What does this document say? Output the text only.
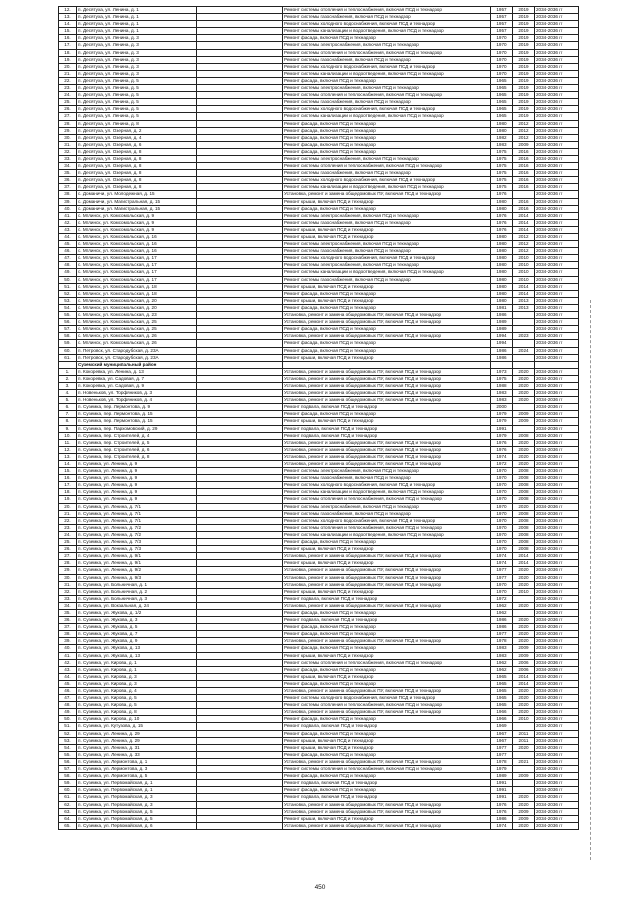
12.	п. Десятуха, ул. Ленина, д. 1		Ремонт системы отопления и теплоснабжения, включая ПСД и технадзор	1957	2019	2034-2036 гг
13.	п. Десятуха, ул. Ленина, д. 1		Ремонт системы газоснабжения, включая ПСД и технадзор	1957	2019	2034-2036 гг
14.	п. Десятуха, ул. Ленина, д. 1		Ремонт системы холодного водоснабжения, включая ПСД и технадзор	1957	2019	2034-2036 гг
15.	п. Десятуха, ул. Ленина, д. 1		Ремонт системы канализации и водоотведения, включая ПСД и технадзор	1957	2019	2034-2036 гг
16.	п. Десятуха, ул. Ленина, д. 3		Ремонт фасада, включая ПСД и технадзор	1970	2019	2034-2036 гг
17.	п. Десятуха, ул. Ленина, д. 3		Ремонт системы электроснабжения, включая ПСД и технадзор	1970	2019	2034-2036 гг
18.	п. Десятуха, ул. Ленина, д. 3		Ремонт системы отопления и теплоснабжения, включая ПСД и технадзор	1970	2019	2034-2036 гг
19.	п. Десятуха, ул. Ленина, д. 3		Ремонт системы газоснабжения, включая ПСД и технадзор	1970	2019	2034-2036 гг
20.	п. Десятуха, ул. Ленина, д. 3		Ремонт системы холодного водоснабжения, включая ПСД и технадзор	1970	2019	2034-2036 гг
21.	п. Десятуха, ул. Ленина, д. 3		Ремонт системы канализации и водоотведения, включая ПСД и технадзор	1970	2019	2034-2036 гг
22.	п. Десятуха, ул. Ленина, д. 5		Ремонт фасада, включая ПСД и технадзор	1965	2019	2034-2036 гг
23.	п. Десятуха, ул. Ленина, д. 5		Ремонт системы электроснабжения, включая ПСД и технадзор	1965	2019	2034-2036 гг
24.	п. Десятуха, ул. Ленина, д. 5		Ремонт системы отопления и теплоснабжения, включая ПСД и технадзор	1965	2019	2034-2036 гг
25.	п. Десятуха, ул. Ленина, д. 5		Ремонт системы газоснабжения, включая ПСД и технадзор	1965	2019	2034-2036 гг
26.	п. Десятуха, ул. Ленина, д. 5		Ремонт системы холодного водоснабжения, включая ПСД и технадзор	1965	2019	2034-2036 гг
27.	п. Десятуха, ул. Ленина, д. 5		Ремонт системы канализации и водоотведения, включая ПСД и технадзор	1965	2019	2034-2036 гг
28.	п. Десятуха, ул. Ленина, д. 8		Ремонт фасада, включая ПСД и технадзор	1980	2012	2034-2036 гг
29.	п. Десятуха, ул. Озерная, д. 2		Ремонт фасада, включая ПСД и технадзор	1980	2012	2034-2036 гг
30.	п. Десятуха, ул. Озерная, д. 4		Ремонт фасада, включая ПСД и технадзор	1982	2012	2034-2036 гг
31.	п. Десятуха, ул. Озерная, д. 6		Ремонт фасада, включая ПСД и технадзор	1983	2009	2034-2036 гг
32.	п. Десятуха, ул. Озерная, д. 8		Ремонт фасада, включая ПСД и технадзор	1975	2016	2034-2036 гг
33.	п. Десятуха, ул. Озерная, д. 8		Ремонт системы электроснабжения, включая ПСД и технадзор	1975	2016	2034-2036 гг
34.	п. Десятуха, ул. Озерная, д. 8		Ремонт системы отопления и теплоснабжения, включая ПСД и технадзор	1975	2016	2034-2036 гг
35.	п. Десятуха, ул. Озерная, д. 8		Ремонт системы газоснабжения, включая ПСД и технадзор	1975	2016	2034-2036 гг
36.	п. Десятуха, ул. Озерная, д. 8		Ремонт системы холодного водоснабжения, включая ПСД и технадзор	1975	2016	2034-2036 гг
37.	п. Десятуха, ул. Озерная, д. 8		Ремонт системы канализации и водоотведения, включая ПСД и технадзор	1975	2016	2034-2036 гг
38.	с. Доманичи, ул. Молодежная, д. 15		Установка, ремонт и замена общедомовых ПУ, включая ПСД и технадзор	1976		2034-2036 гг
39.	с. Доманичи, ул. Магистральная, д. 15		Ремонт крыши, включая ПСД и технадзор	1980	2016	2034-2036 гг
40.	с. Доманичи, ул. Магистральная, д. 15		Ремонт фасада, включая ПСД и технадзор	1980	2016	2034-2036 гг
41.	с. Мглинск, ул. Комсомольская, д. 9		Ремонт системы электроснабжения, включая ПСД и технадзор	1976	2014	2034-2036 гг
42.	с. Мглинск, ул. Комсомольская, д. 9		Ремонт системы газоснабжения, включая ПСД и технадзор	1976	2014	2034-2036 гг
43.	с. Мглинск, ул. Комсомольская, д. 9		Ремонт крыши, включая ПСД и технадзор	1976	2014	2034-2036 гг
44.	с. Мглинск, ул. Комсомольская, д. 16		Ремонт крыши, включая ПСД и технадзор	1980	2012	2034-2036 гг
45.	с. Мглинск, ул. Комсомольская, д. 16		Ремонт системы электроснабжения, включая ПСД и технадзор	1980	2012	2034-2036 гг
46.	с. Мглинск, ул. Комсомольская, д. 16		Ремонт системы газоснабжения, включая ПСД и технадзор	1980	2012	2034-2036 гг
47.	с. Мглинск, ул. Комсомольская, д. 17		Ремонт системы холодного водоснабжения, включая ПСД и технадзор	1980	2010	2034-2036 гг
48.	с. Мглинск, ул. Комсомольская, д. 17		Ремонт системы электроснабжения, включая ПСД и технадзор	1980	2010	2034-2036 гг
49.	с. Мглинск, ул. Комсомольская, д. 17		Ремонт системы канализации и водоотведения, включая ПСД и технадзор	1980	2010	2034-2036 гг
50.	с. Мглинск, ул. Комсомольская, д. 17		Ремонт системы газоснабжения, включая ПСД и технадзор	1980	2010	2034-2036 гг
51.	с. Мглинск, ул. Комсомольская, д. 18		Ремонт крыши, включая ПСД и технадзор	1980	2014	2034-2036 гг
52.	с. Мглинск, ул. Комсомольская, д. 18		Ремонт фасада, включая ПСД и технадзор	1980	2014	2034-2036 гг
53.	с. Мглинск, ул. Комсомольская, д. 20		Ремонт крыши, включая ПСД и технадзор	1980	2013	2034-2036 гг
54.	с. Мглинск, ул. Комсомольская, д. 20		Ремонт фасада, включая ПСД и технадзор	1981	2013	2034-2036 гг
55.	с. Мглинск, ул. Комсомольская, д. 23		Установка, ремонт и замена общедомовых ПУ, включая ПСД и технадзор	1986		2034-2036 гг
56.	с. Мглинск, ул. Комсомольская, д. 25		Установка, ремонт и замена общедомовых ПУ, включая ПСД и технадзор	1989		2034-2036 гг
57.	с. Мглинск, ул. Комсомольская, д. 25		Ремонт фасада, включая ПСД и технадзор	1989		2034-2036 гг
58.	с. Мглинск, ул. Комсомольская, д. 26		Установка, ремонт и замена общедомовых ПУ, включая ПСД и технадзор	1994	2023	2034-2036 гг
59.	с. Мглинск, ул. Комсомольская, д. 26		Ремонт фасада, включая ПСД и технадзор	1994		2034-2036 гг
60.	п. Петровск, ул. Стародубская, д. 23А		Ремонт фасада, включая ПСД и технадзор	1986	2024	2034-2036 гг
61.	п. Петровск, ул. Стародубская, д. 23А		Ремонт крыши, включая ПСД и технадзор	1986		2034-2036 гг
	Суземский муниципальный район					
1.	п. Кокоревка, ул. Ленина, д. 13		Установка, ремонт и замена общедомовых ПУ, включая ПСД и технадзор	1973	2020	2034-2036 гг
2.	п. Кокоревка, ул. Садовая, д. 7		Установка, ремонт и замена общедомовых ПУ, включая ПСД и технадзор	1975	2020	2034-2036 гг
3.	п. Кокоревка, ул. Садовая, д. 9		Установка, ремонт и замена общедомовых ПУ, включая ПСД и технадзор	1988	2020	2034-2036 гг
4.	п. Новеньков, ул. Торфяников, д. 3		Установка, ремонт и замена общедомовых ПУ, включая ПСД и технадзор	1983	2020	2034-2036 гг
5.	п. Новеньков, ул. Торфяников, д. 4		Установка, ремонт и замена общедомовых ПУ, включая ПСД и технадзор	1983	2020	2034-2036 гг
6.	п. Суземка, пер. Лермонтова, д. 9		Ремонт подвала, включая ПСД и технадзор	2000		2034-2036 гг
7.	п. Суземка, пер. Лермонтова, д. 15		Ремонт фасада, включая ПСД и технадзор	1979	2009	2034-2036 гг
8.	п. Суземка, пер. Лермонтова, д. 15		Ремонт крыши, включая ПСД и технадзор	1979	2009	2034-2036 гг
9.	п. Суземка, пер. Пархомовский, д. 29		Ремонт подвала, включая ПСД и технадзор	1991		2034-2036 гг
10.	п. Суземка, пер. Строителей, д. 4		Ремонт подвала, включая ПСД и технадзор	1979	2008	2034-2036 гг
11.	п. Суземка, пер. Строителей, д. 5		Установка, ремонт и замена общедомовых ПУ, включая ПСД и технадзор	1976	2020	2034-2036 гг
12.	п. Суземка, пер. Строителей, д. 6		Установка, ремонт и замена общедомовых ПУ, включая ПСД и технадзор	1976	2020	2034-2036 гг
13.	п. Суземка, пер. Строителей, д. 8		Установка, ремонт и замена общедомовых ПУ, включая ПСД и технадзор	1974	2020	2034-2036 гг
14.	п. Суземка, ул. Ленина, д. 9		Установка, ремонт и замена общедомовых ПУ, включая ПСД и технадзор	1972	2020	2034-2036 гг
15.	п. Суземка, ул. Ленина, д. 9		Ремонт системы электроснабжения, включая ПСД и технадзор	1970	2008	2034-2036 гг
16.	п. Суземка, ул. Ленина, д. 9		Ремонт системы газоснабжения, включая ПСД и технадзор	1970	2008	2034-2036 гг
17.	п. Суземка, ул. Ленина, д. 9		Ремонт системы холодного водоснабжения, включая ПСД и технадзор	1970	2008	2034-2036 гг
18.	п. Суземка, ул. Ленина, д. 9		Ремонт системы канализации и водоотведения, включая ПСД и технадзор	1970	2008	2034-2036 гг
19.	п. Суземка, ул. Ленина, д. 9		Ремонт системы отопления и теплоснабжения, включая ПСД и технадзор	1970	2008	2034-2036 гг
20.	п. Суземка, ул. Ленина, д. 7/1		Ремонт системы электроснабжения, включая ПСД и технадзор	1970	2020	2034-2036 гг
21.	п. Суземка, ул. Ленина, д. 7/1		Ремонт системы газоснабжения, включая ПСД и технадзор	1970	2008	2034-2036 гг
22.	п. Суземка, ул. Ленина, д. 7/1		Ремонт системы холодного водоснабжения, включая ПСД и технадзор	1970	2008	2034-2036 гг
23.	п. Суземка, ул. Ленина, д. 7/2		Ремонт системы отопления и теплоснабжения, включая ПСД и технадзор	1970	2008	2034-2036 гг
24.	п. Суземка, ул. Ленина, д. 7/2		Ремонт системы канализации и водоотведения, включая ПСД и технадзор	1970	2008	2034-2036 гг
25.	п. Суземка, ул. Ленина, д. 7/3		Ремонт фасада, включая ПСД и технадзор	1970	2008	2034-2036 гг
26.	п. Суземка, ул. Ленина, д. 7/3		Ремонт крыши, включая ПСД и технадзор	1970	2008	2034-2036 гг
27.	п. Суземка, ул. Ленина, д. 9/1		Установка, ремонт и замена общедомовых ПУ, включая ПСД и технадзор	1974	2014	2034-2036 гг
28.	п. Суземка, ул. Ленина, д. 9/1		Ремонт крыши, включая ПСД и технадзор	1974	2014	2034-2036 гг
29.	п. Суземка, ул. Ленина, д. 9/2		Установка, ремонт и замена общедомовых ПУ, включая ПСД и технадзор	1977	2020	2034-2036 гг
30.	п. Суземка, ул. Ленина, д. 9/3		Установка, ремонт и замена общедомовых ПУ, включая ПСД и технадзор	1977	2020	2034-2036 гг
31.	п. Суземка, ул. Больничная, д. 1		Установка, ремонт и замена общедомовых ПУ, включая ПСД и технадзор	1970	2020	2034-2036 гг
32.	п. Суземка, ул. Больничная, д. 2		Ремонт крыши, включая ПСД и технадзор	1970	2010	2034-2036 гг
33.	п. Суземка, ул. Больничная, д. 3		Ремонт подвала, включая ПСД и технадзор	1972		2034-2036 гг
34.	п. Суземка, ул. Вокзальная, д. 24		Установка, ремонт и замена общедомовых ПУ, включая ПСД и технадзор	1962	2020	2034-2036 гг
35.	п. Суземка, ул. Жукова, д. 1/2		Ремонт фасада, включая ПСД и технадзор	1962		2034-2036 гг
36.	п. Суземка, ул. Жукова, д. 3		Ремонт подвала, включая ПСД и технадзор	1986	2020	2034-2036 гг
37.	п. Суземка, ул. Жукова, д. 5		Ремонт фасада, включая ПСД и технадзор	1986	2020	2034-2036 гг
38.	п. Суземка, ул. Жукова, д. 7		Ремонт фасада, включая ПСД и технадзор	1977	2020	2034-2036 гг
39.	п. Суземка, ул. Жукова, д. 9		Установка, ремонт и замена общедомовых ПУ, включая ПСД и технадзор	1978	2020	2034-2036 гг
40.	п. Суземка, ул. Жукова, д. 13		Ремонт фасада, включая ПСД и технадзор	1983	2009	2034-2036 гг
41.	п. Суземка, ул. Жукова, д. 13		Ремонт крыши, включая ПСД и технадзор	1983	2009	2034-2036 гг
42.	п. Суземка, ул. Кирова, д. 1		Ремонт системы отопления и теплоснабжения, включая ПСД и технадзор	1962	2006	2034-2036 гг
43.	п. Суземка, ул. Кирова, д. 1		Ремонт фасада, включая ПСД и технадзор	1962	2006	2034-2036 гг
44.	п. Суземка, ул. Кирова, д. 3		Ремонт крыши, включая ПСД и технадзор	1965	2014	2034-2036 гг
45.	п. Суземка, ул. Кирова, д. 3		Ремонт фасада, включая ПСД и технадзор	1965	2014	2034-2036 гг
46.	п. Суземка, ул. Кирова, д. 4		Установка, ремонт и замена общедомовых ПУ, включая ПСД и технадзор	1965	2020	2034-2036 гг
47.	п. Суземка, ул. Кирова, д. 5		Ремонт системы холодного водоснабжения, включая ПСД и технадзор	1965	2020	2034-2036 гг
48.	п. Суземка, ул. Кирова, д. 5		Ремонт системы отопления и теплоснабжения, включая ПСД и технадзор	1965	2020	2034-2036 гг
49.	п. Суземка, ул. Кирова, д. 8		Установка, ремонт и замена общедомовых ПУ, включая ПСД и технадзор	1966	2020	2034-2036 гг
50.	п. Суземка, ул. Кирова, д. 10		Ремонт фасада, включая ПСД и технадзор	1966	2010	2034-2036 гг
51.	п. Суземка, ул. Кутузова, д. 15		Ремонт подвала, включая ПСД и технадзор	1969		2034-2036 гг
52.	п. Суземка, ул. Ленина, д. 29		Ремонт фасада, включая ПСД и технадзор	1967	2011	2034-2036 гг
53.	п. Суземка, ул. Ленина, д. 29		Ремонт крыши, включая ПСД и технадзор	1967	2011	2034-2036 гг
54.	п. Суземка, ул. Ленина, д. 31		Ремонт крыши, включая ПСД и технадзор	1977	2020	2034-2036 гг
55.	п. Суземка, ул. Ленина, д. 33		Ремонт фасада, включая ПСД и технадзор	1977		2034-2036 гг
56.	п. Суземка, ул. Лермонтова, д. 1		Установка, ремонт и замена общедомовых ПУ, включая ПСД и технадзор	1978	2021	2034-2036 гг
57.	п. Суземка, ул. Лермонтова, д. 3		Ремонт системы отопления и теплоснабжения, включая ПСД и технадзор	1979		2034-2036 гг
58.	п. Суземка, ул. Лермонтова, д. 5		Ремонт фасада, включая ПСД и технадзор	1989	2009	2034-2036 гг
59.	п. Суземка, ул. Первомайская, д. 1		Ремонт подвала, включая ПСД и технадзор	1991		2034-2036 гг
60.	п. Суземка, ул. Первомайская, д. 1		Ремонт фасада, включая ПСД и технадзор	1991		2034-2036 гг
61.	п. Суземка, ул. Первомайская, д. 3		Ремонт подвала, включая ПСД и технадзор	1991	2020	2034-2036 гг
62.	п. Суземка, ул. Первомайская, д. 3		Установка, ремонт и замена общедомовых ПУ, включая ПСД и технадзор	1976	2020	2034-2036 гг
63.	п. Суземка, ул. Первомайская, д. 5		Установка, ремонт и замена общедомовых ПУ, включая ПСД и технадзор	1976	2009	2034-2036 гг
64.	п. Суземка, ул. Первомайская, д. 5		Ремонт крыши, включая ПСД и технадзор	1986	2009	2034-2036 гг
65.	п. Суземка, ул. Первомайская, д. 6		Установка, ремонт и замена общедомовых ПУ, включая ПСД и технадзор	1974	2020	2034-2036 гг
450
